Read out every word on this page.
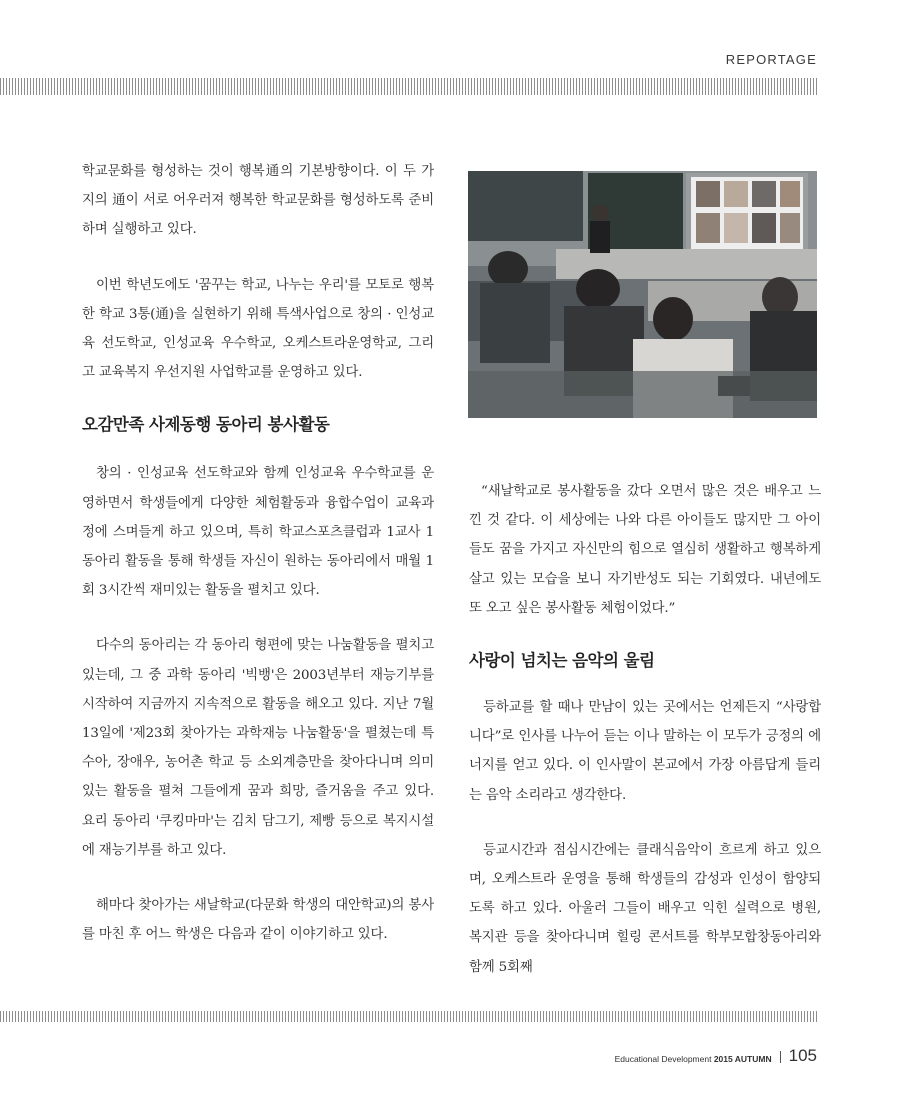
REPORTAGE

학교문화를 형성하는 것이 행복通의 기본방향이다. 이 두 가지의 通이 서로 어우러져 행복한 학교문화를 형성하도록 준비하며 실행하고 있다.

이번 학년도에도 '꿈꾸는 학교, 나누는 우리'를 모토로 행복한 학교 3통(通)을 실현하기 위해 특색사업으로 창의 · 인성교육 선도학교, 인성교육 우수학교, 오케스트라운영학교, 그리고 교육복지 우선지원 사업학교를 운영하고 있다.

오감만족 사제동행 동아리 봉사활동

창의 · 인성교육 선도학교와 함께 인성교육 우수학교를 운영하면서 학생들에게 다양한 체험활동과 융합수업이 교육과정에 스며들게 하고 있으며, 특히 학교스포츠클럽과 1교사 1동아리 활동을 통해 학생들 자신이 원하는 동아리에서 매월 1회 3시간씩 재미있는 활동을 펼치고 있다.

다수의 동아리는 각 동아리 형편에 맞는 나눔활동을 펼치고 있는데, 그 중 과학 동아리 '빅뱅'은 2003년부터 재능기부를 시작하여 지금까지 지속적으로 활동을 해오고 있다. 지난 7월 13일에 '제23회 찾아가는 과학재능 나눔활동'을 펼쳤는데 특수아, 장애우, 농어촌 학교 등 소외계층만을 찾아다니며 의미 있는 활동을 펼쳐 그들에게 꿈과 희망, 즐거움을 주고 있다. 요리 동아리 '쿠킹마마'는 김치 담그기, 제빵 등으로 복지시설에 재능기부를 하고 있다.

해마다 찾아가는 새날학교(다문화 학생의 대안학교)의 봉사를 마친 후 어느 학생은 다음과 같이 이야기하고 있다.

“새날학교로 봉사활동을 갔다 오면서 많은 것은 배우고 느낀 것 같다. 이 세상에는 나와 다른 아이들도 많지만 그 아이들도 꿈을 가지고 자신만의 힘으로 열심히 생활하고 행복하게 살고 있는 모습을 보니 자기반성도 되는 기회였다. 내년에도 또 오고 싶은 봉사활동 체험이었다.”

사랑이 넘치는 음악의 울림

등하교를 할 때나 만남이 있는 곳에서는 언제든지 “사랑합니다”로 인사를 나누어 듣는 이나 말하는 이 모두가 긍정의 에너지를 얻고 있다. 이 인사말이 본교에서 가장 아름답게 들리는 음악 소리라고 생각한다.

등교시간과 점심시간에는 클래식음악이 흐르게 하고 있으며, 오케스트라 운영을 통해 학생들의 감성과 인성이 함양되도록 하고 있다. 아울러 그들이 배우고 익힌 실력으로 병원, 복지관 등을 찾아다니며 힐링 콘서트를 학부모합창동아리와 함께 5회째

Educational Development 2015 AUTUMN 105
